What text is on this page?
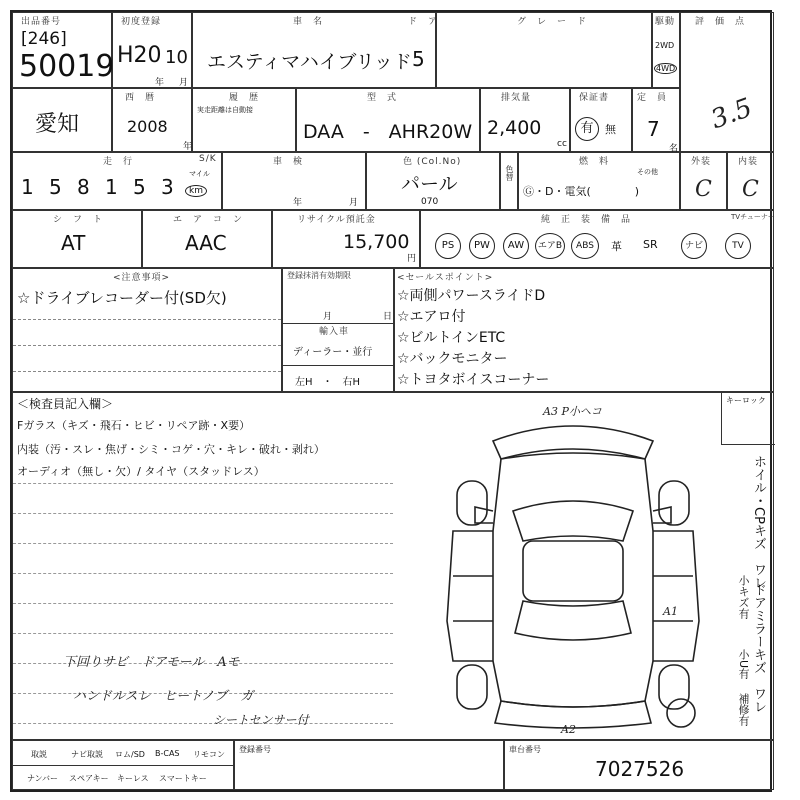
出品番号
[246]
50019
初度登録
H20 10
年 月
車　名
エスティマハイブリッド
ド　ア
5
グ　レ　ー　ド	駆動
2WD
4WD
評　価　点
3.5
愛知
西　暦
2008
年
履　歴
実走距離は自動接
型　式
DAA　-　AHR20W
排気量
2,400
cc
保証書
有	無
定　員
7
名
走　行	S/K
1 5 8 1 5 3
マイル
km
車　検
年	月
色 (Col.No)
パール
070
色替
燃　料
その他
Ⓖ・D・電気(　　　　)
外装
C
内装
C
シ　フ　ト
AT
エ　ア　コ　ン
AAC
リサイクル預託金
15,700
円
純　正　装　備　品	TVチューナー
PS	PW	AW	エアB	ABS	革 SR	ナビ	TV
<注意事項>
☆ドライブレコーダー付(SD欠)
登録抹消有効期限
月	日
輸入車
ディーラー・並行
左H　・　右H
<セールスポイント>
☆両側パワースライドD
☆エアロ付
☆ビルトインETC
☆バックモニター
☆トヨタボイスコーナー
＜検査員記入欄＞
Fガラス（キズ・飛石・ヒビ・リペア跡・X要）
内装（汚・スレ・焦げ・シミ・コゲ・穴・キレ・破れ・剥れ）
オーディオ（無し・欠）/ タイヤ（スタッドレス）
下回りサビ　ドアモール　Aモ
ハンドルスレ　ヒートノブ　ガ
シートセンサー付
A3 P小ヘコ
A1
A2
キーロック
ホイル・CPキズ　ワレ
小キズ有 ドアミラーキズ　ワレ
小U有
補修有
取説	ナビ取説 ロム/SD B-CAS リモコン
ナンバー スペアキー キーレス スマートキー
登録番号	車台番号
7027526
